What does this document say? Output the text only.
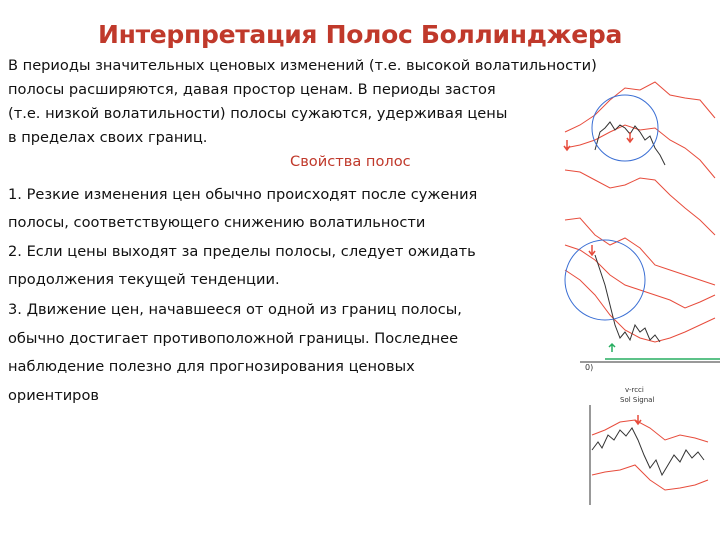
Интерпретация Полос Боллинджера
В периоды значительных ценовых изменений (т.е. высокой волатильности)
полосы расширяются, давая простор ценам. В периоды застоя
(т.е. низкой волатильности) полосы сужаются, удерживая цены
в пределах своих границ.
Свойства полос
1. Резкие изменения цен обычно происходят после сужения
полосы, соответствующего снижению волатильности
2. Если цены выходят за пределы полосы, следует ожидать
продолжения текущей тенденции.
3. Движение цен, начавшееся от одной из границ полосы,
обычно достигает противоположной границы. Последнее
наблюдение полезно для прогнозирования ценовых
ориентиров
0)
v-rcci
Sol Signal
